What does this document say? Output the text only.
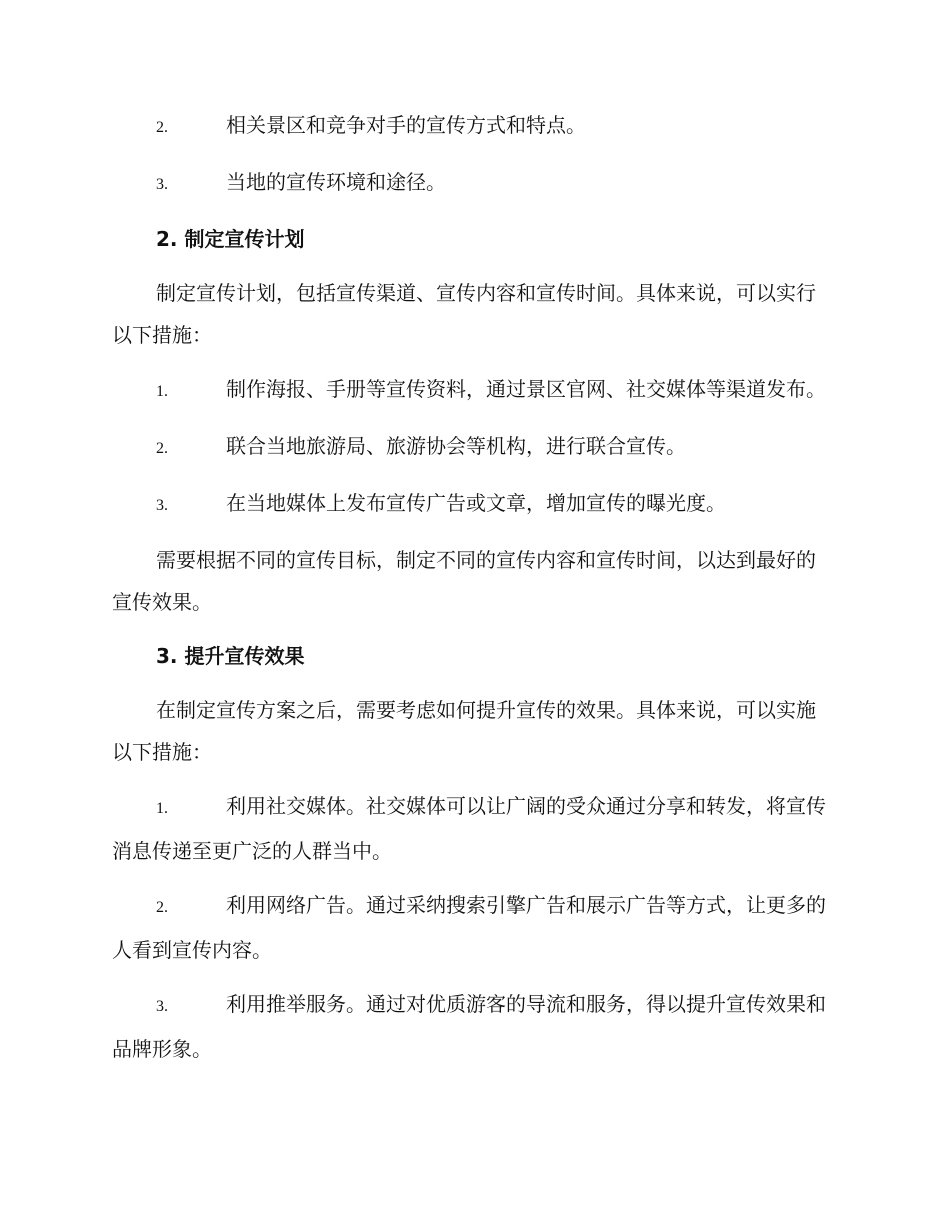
2.	相关景区和竞争对手的宣传方式和特点。

3.	当地的宣传环境和途径。

2. 制定宣传计划

制定宣传计划，包括宣传渠道、宣传内容和宣传时间。具体来说，可以实行以下措施：

1.	制作海报、手册等宣传资料，通过景区官网、社交媒体等渠道发布。

2.	联合当地旅游局、旅游协会等机构，进行联合宣传。

3.	在当地媒体上发布宣传广告或文章，增加宣传的曝光度。

需要根据不同的宣传目标，制定不同的宣传内容和宣传时间，以达到最好的宣传效果。

3. 提升宣传效果

在制定宣传方案之后，需要考虑如何提升宣传的效果。具体来说，可以实施以下措施：

1.	利用社交媒体。社交媒体可以让广阔的受众通过分享和转发，将宣传消息传递至更广泛的人群当中。

2.	利用网络广告。通过采纳搜索引擎广告和展示广告等方式，让更多的人看到宣传内容。

3.	利用推举服务。通过对优质游客的导流和服务，得以提升宣传效果和品牌形象。
